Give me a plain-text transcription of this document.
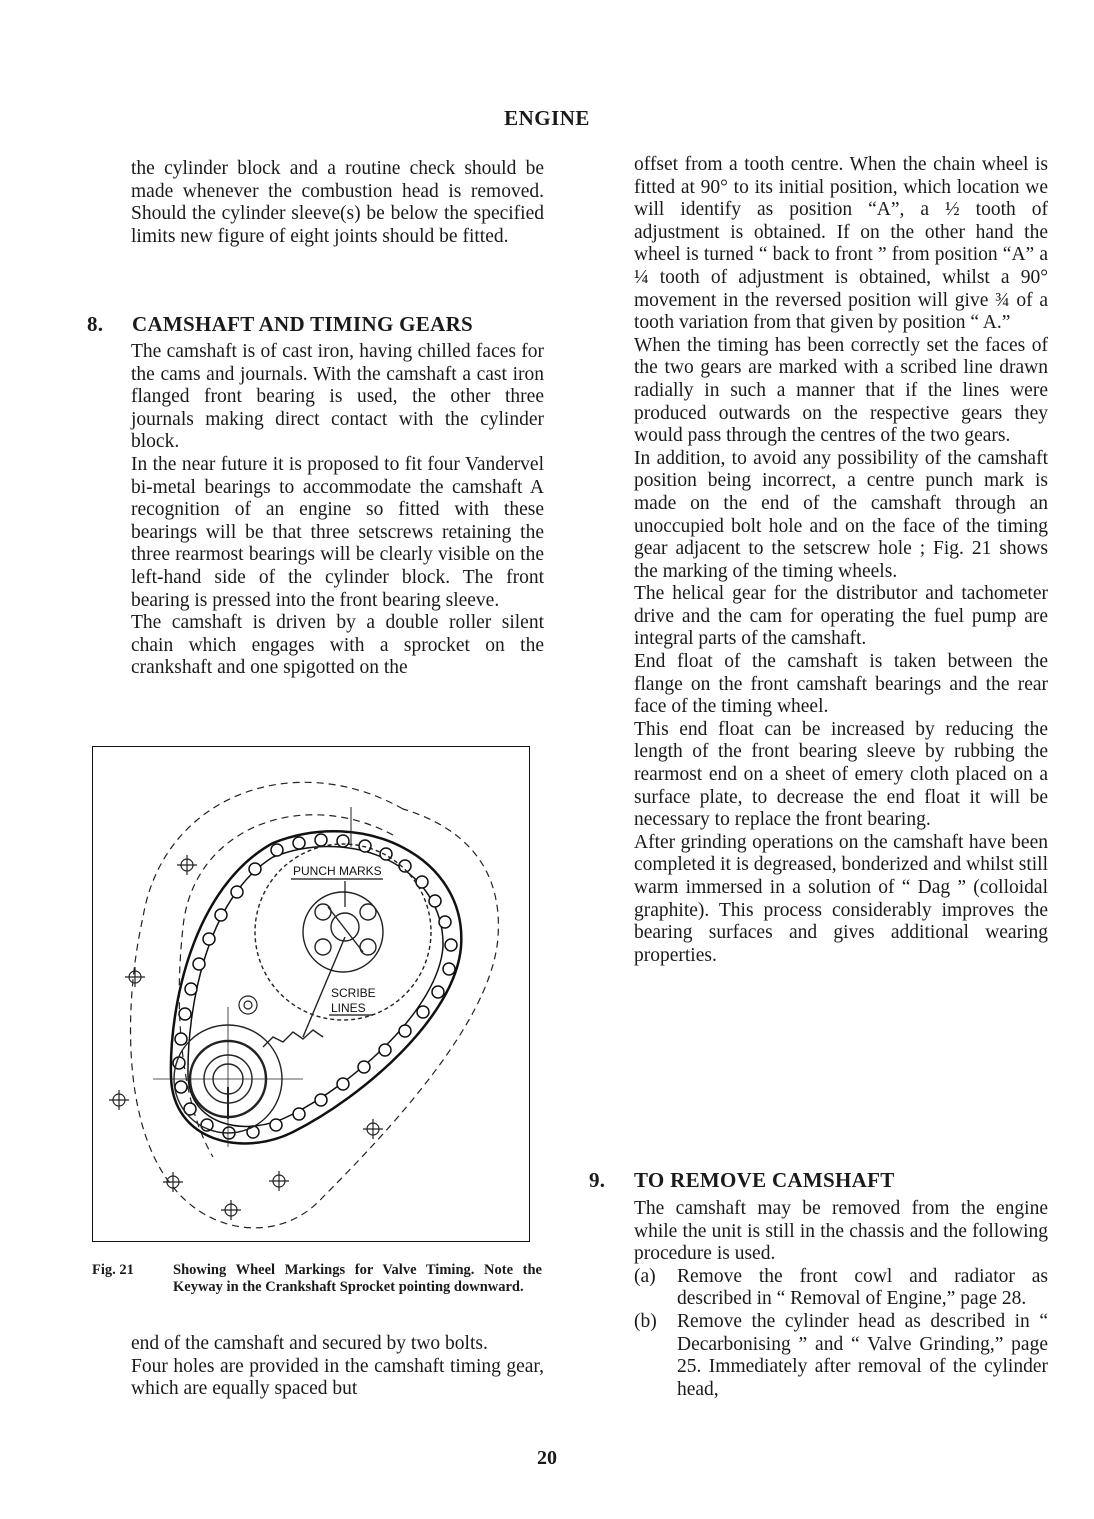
ENGINE

the cylinder block and a routine check should be made whenever the combustion head is removed. Should the cylinder sleeve(s) be below the specified limits new figure of eight joints should be fitted.

8. CAMSHAFT AND TIMING GEARS

The camshaft is of cast iron, having chilled faces for the cams and journals. With the camshaft a cast iron flanged front bearing is used, the other three journals making direct contact with the cylinder block.

In the near future it is proposed to fit four Vandervel bi-metal bearings to accommodate the camshaft A recognition of an engine so fitted with these bearings will be that three setscrews retaining the three rearmost bearings will be clearly visible on the left-hand side of the cylinder block. The front bearing is pressed into the front bearing sleeve.

The camshaft is driven by a double roller silent chain which engages with a sprocket on the crankshaft and one spigotted on the

PUNCH MARKS
SCRIBE
LINES
Fig. 21	Showing Wheel Markings for Valve Timing. Note the Keyway in the Crankshaft Sprocket pointing downward.

end of the camshaft and secured by two bolts.

Four holes are provided in the camshaft timing gear, which are equally spaced but

offset from a tooth centre. When the chain wheel is fitted at 90° to its initial position, which location we will identify as position “A”, a ½ tooth of adjustment is obtained. If on the other hand the wheel is turned “ back to front ” from position “A” a ¼ tooth of adjustment is obtained, whilst a 90° movement in the reversed position will give ¾ of a tooth variation from that given by position “ A.”

When the timing has been correctly set the faces of the two gears are marked with a scribed line drawn radially in such a manner that if the lines were produced outwards on the respective gears they would pass through the centres of the two gears.

In addition, to avoid any possibility of the camshaft position being incorrect, a centre punch mark is made on the end of the camshaft through an unoccupied bolt hole and on the face of the timing gear adjacent to the setscrew hole ; Fig. 21 shows the marking of the timing wheels.

The helical gear for the distributor and tachometer drive and the cam for operating the fuel pump are integral parts of the camshaft.

End float of the camshaft is taken between the flange on the front camshaft bearings and the rear face of the timing wheel.

This end float can be increased by reducing the length of the front bearing sleeve by rubbing the rearmost end on a sheet of emery cloth placed on a surface plate, to decrease the end float it will be necessary to replace the front bearing.

After grinding operations on the camshaft have been completed it is degreased, bonderized and whilst still warm immersed in a solution of “ Dag ” (colloidal graphite). This process considerably improves the bearing surfaces and gives additional wearing properties.

9. TO REMOVE CAMSHAFT

The camshaft may be removed from the engine while the unit is still in the chassis and the following procedure is used.

(a) Remove the front cowl and radiator as described in “ Removal of Engine,” page 28.
(b) Remove the cylinder head as described in “ Decarbonising ” and “ Valve Grinding,” page 25. Immediately after removal of the cylinder head,
20
